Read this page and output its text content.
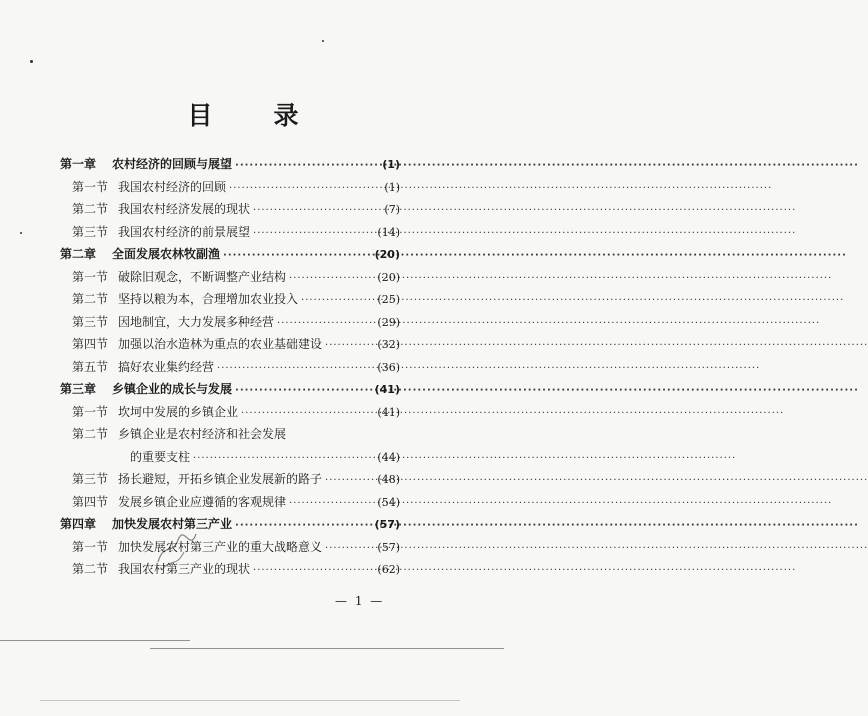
目　录
第一章	农村经济的回顾与展望 ·····	(1)
第一节 我国农村经济的回顾 ·····	(1)
第二节 我国农村经济发展的现状 ·····	(7)
第三节 我国农村经济的前景展望 ·····	(14)
第二章	全面发展农林牧副渔 ·····	(20)
第一节 破除旧观念，不断调整产业结构 ·····	(20)
第二节 坚持以粮为本，合理增加农业投入 ·····	(25)
第三节 因地制宜，大力发展多种经营 ·····	(29)
第四节 加强以治水造林为重点的农业基础建设 ·····	(32)
第五节 搞好农业集约经营 ·····	(36)
第三章	乡镇企业的成长与发展 ·····	(41)
第一节 坎坷中发展的乡镇企业 ·····	(41)
第二节 乡镇企业是农村经济和社会发展
的重要支柱 ·····	(44)
第三节 扬长避短，开拓乡镇企业发展新的路子 ·····	(48)
第四节 发展乡镇企业应遵循的客观规律 ·····	(54)
第四章	加快发展农村第三产业 ·····	(57)
第一节 加快发展农村第三产业的重大战略意义 ·····	(57)
第二节 我国农村第三产业的现状 ·····	(62)
— 1 —
